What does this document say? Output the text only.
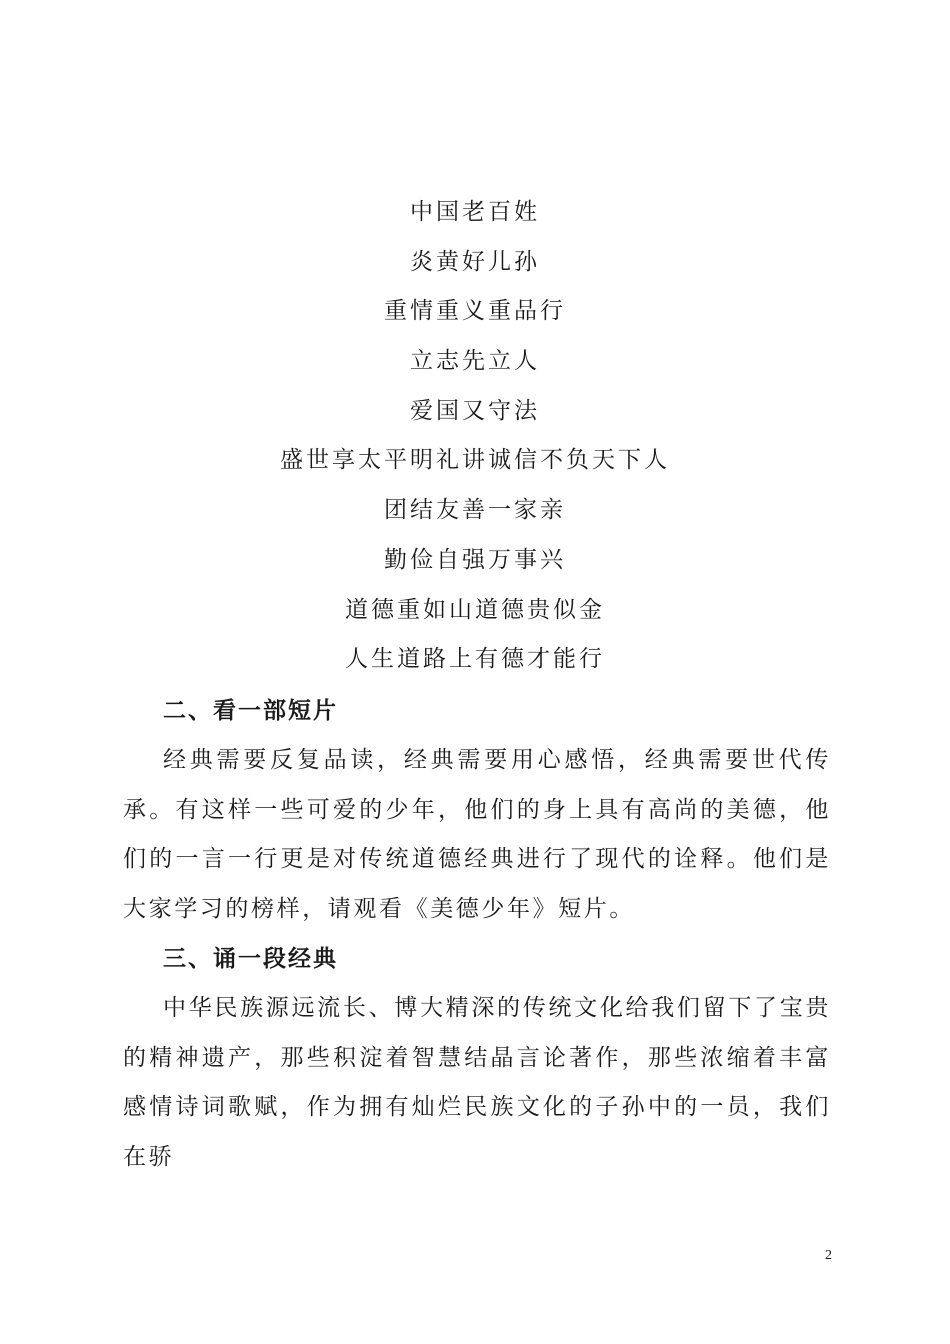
中国老百姓
炎黄好儿孙
重情重义重品行
立志先立人
爱国又守法
盛世享太平明礼讲诚信不负天下人
团结友善一家亲
勤俭自强万事兴
道德重如山道德贵似金
人生道路上有德才能行
二、看一部短片
经典需要反复品读，经典需要用心感悟，经典需要世代传承。有这样一些可爱的少年，他们的身上具有高尚的美德，他们的一言一行更是对传统道德经典进行了现代的诠释。他们是大家学习的榜样，请观看《美德少年》短片。
三、诵一段经典
中华民族源远流长、博大精深的传统文化给我们留下了宝贵的精神遗产，那些积淀着智慧结晶言论著作，那些浓缩着丰富感情诗词歌赋，作为拥有灿烂民族文化的子孙中的一员，我们在骄
2
